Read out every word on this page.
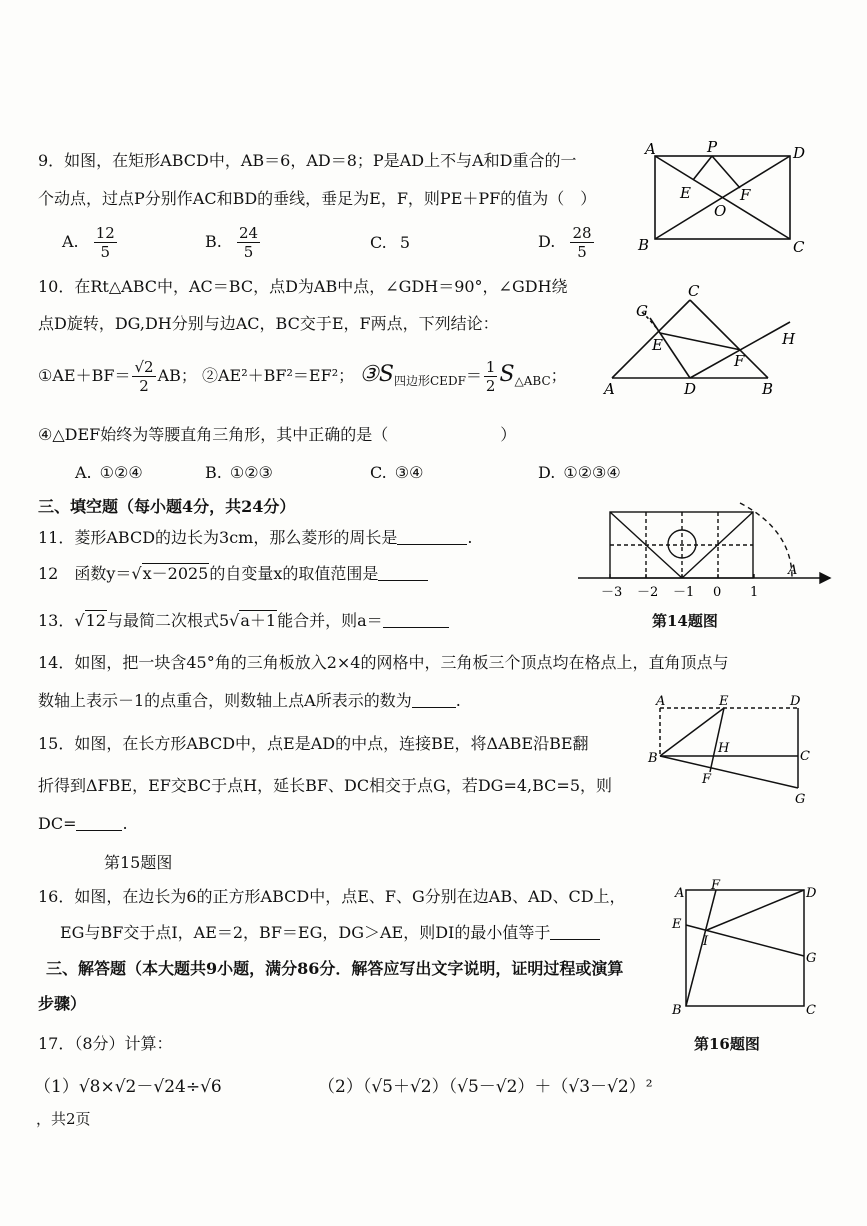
9．如图，在矩形ABCD中，AB＝6，AD＝8；P是AD上不与A和D重合的一
个动点，过点P分别作AC和BD的垂线，垂足为E，F，则PE＋PF的值为（　）
A. $\frac{12}{5}$	B. $\frac{24}{5}$	C. 5	D. $\frac{28}{5}$
A	P	D
E
O
F
B	C
10．在Rt△ABC中，AC＝BC，点D为AB中点，∠GDH＝90°，∠GDH绕
点D旋转，DG,DH分别与边AC，BC交于E，F两点，下列结论：
①AE＋BF＝ $\frac{√2}{2}$ AB； ②AE²＋BF²＝EF²； $③S_{四边形CEDF}= \frac{1}{2} S_{\triangle ABC}$；
④△DEF始终为等腰直角三角形，其中正确的是（　　　　　　　）
A. ①②④	B. ①②③	C. ③④	D. ①②③④
G
C
H
E
F
A	D	B
三、填空题（每小题4分，共24分）
11．菱形ABCD的边长为3cm，那么菱形的周长是	.
12　函数y＝√x－2025的自变量x的取值范围是
13．√12与最简二次根式5√a＋1能合并，则a＝
－3 －2 －1 0 1
A
第14题图
14．如图，把一块含45°角的三角板放入2×4的网格中，三角板三个顶点均在格点上，直角顶点与
数轴上表示－1的点重合，则数轴上点A所表示的数为	.
15．如图，在长方形ABCD中，点E是AD的中点，连接BE，将ΔABE沿BE翻
折得到ΔFBE，EF交BC于点H，延长BF、DC相交于点G，若DG=4,BC=5，则
DC=	.
第15题图
A	E	D
B
H
C
F
G
16．如图，在边长为6的正方形ABCD中，点E、F、G分别在边AB、AD、CD上，
EG与BF交于点I，AE＝2，BF＝EG，DG＞AE，则DI的最小值等于
A
F
D
E
I
G
B	C
三、解答题（本大题共9小题，满分86分．解答应写出文字说明，证明过程或演算
步骤）
17．（8分）计算：	第16题图
（1）√8×√2－√24÷√6	（2）（√5＋√2）（√5－√2）＋（√3－√2）²
，共2页
